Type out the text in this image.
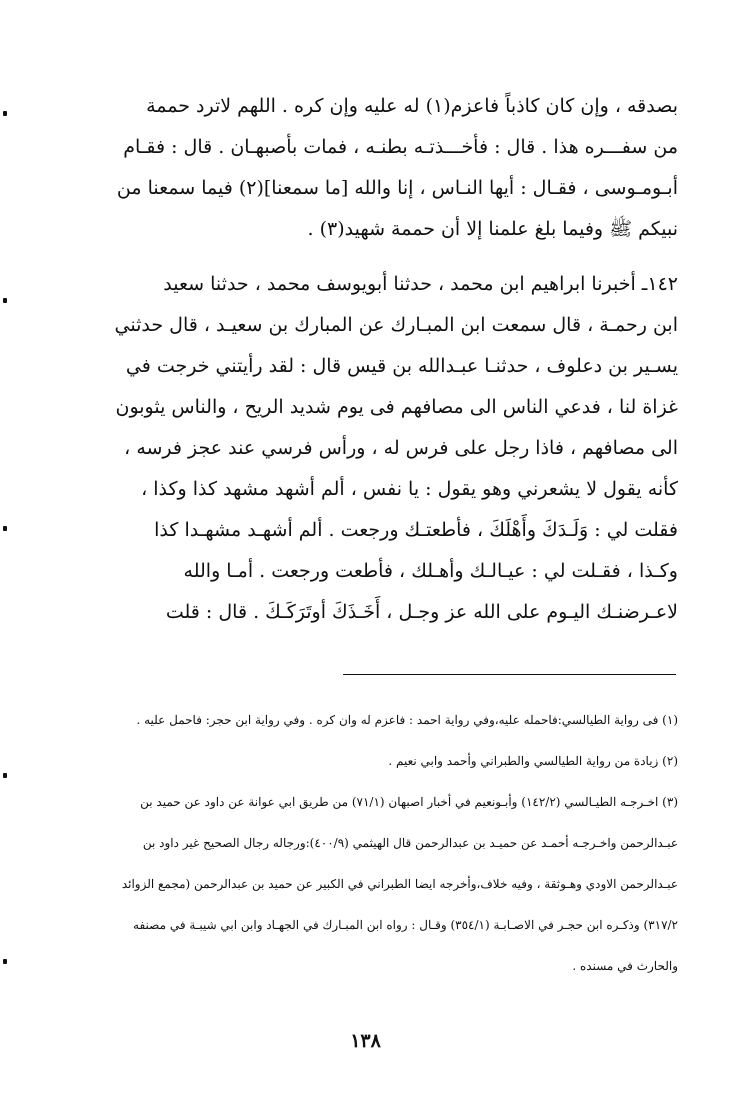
بصدقه ، وإن كان كاذباً فاعزم(١) له عليه وإن كره . اللهم لاترد حممة
من سفـــره هذا . قال : فأخـــذتـه بطنـه ، فمات بأصبهـان . قال : فقـام
أبـومـوسى ، فقـال : أيها النـاس ، إنا والله [ما سمعنا](٢) فيما سمعنا من
نبيكم ﷺ وفيما بلغ علمنا إلا أن حممة شهيد(٣) .
١٤٢ـ أخبرنا ابراهيم ابن محمد ، حدثنا أبويوسف محمد ، حدثنا سعيد
ابن رحمـة ، قال سمعت ابن المبـارك عن المبارك بن سعيـد ، قال حدثني
يسـير بن دعلوف ، حدثنـا عبـدالله بن قيس قال : لقد رأيتني خرجت في
غزاة لنا ، فدعي الناس الى مصافهم فى يوم شديد الريح ، والناس يثوبون
الى مصافهم ، فاذا رجل على فرس له ، ورأس فرسي عند عجز فرسه ،
كأنه يقول لا يشعرني وهو يقول : يا نفس ، ألم أشهد مشهد كذا وكذا ،
فقلت لي : وَلَـدَكَ وأَهْلَكَ ، فأطعتـك ورجعت . ألم أشهـد مشهـدا كذا
وكـذا ، فقـلت لي : عيـالـك وأهـلك ، فأطعت ورجعت . أمـا والله
لاعـرضنـك اليـوم على الله عز وجـل ، أَخَـذَكَ أوتَرَكَـكَ . قال : قلت
(١) فى رواية الطيالسي:فاحمله عليه،وفي رواية احمد : فاعزم له وان كره . وفي رواية ابن حجر: فاحمل عليه .
(٢) زيادة من رواية الطيالسي والطبراني وأحمد وابي نعيم .
(٣) اخـرجـه الطيـالسي (١٤٢/٢) وأبـونعيم في أخبار اصبهان (٧١/١) من طريق ابي عوانة عن داود عن حميد بن
عبـدالرحمن واخـرجـه أحمـد عن حميـد بن عبدالرحمن قال الهيثمي (٤٠٠/٩):ورجاله رجال الصحيح غير داود بن
عبـدالرحمن الاودي وهـوثقة ، وفيه خلاف،وأخرجه ايضا الطبراني في الكبير عن حميد بن عبدالرحمن (مجمع الزوائد
٣١٧/٢) وذكـره ابن حجـر في الاصـابـة (٣٥٤/١) وقـال : رواه ابن المبـارك في الجهـاد وابن ابي شيبـة في مصنفه
والحارث في مسنده .
١٣٨
